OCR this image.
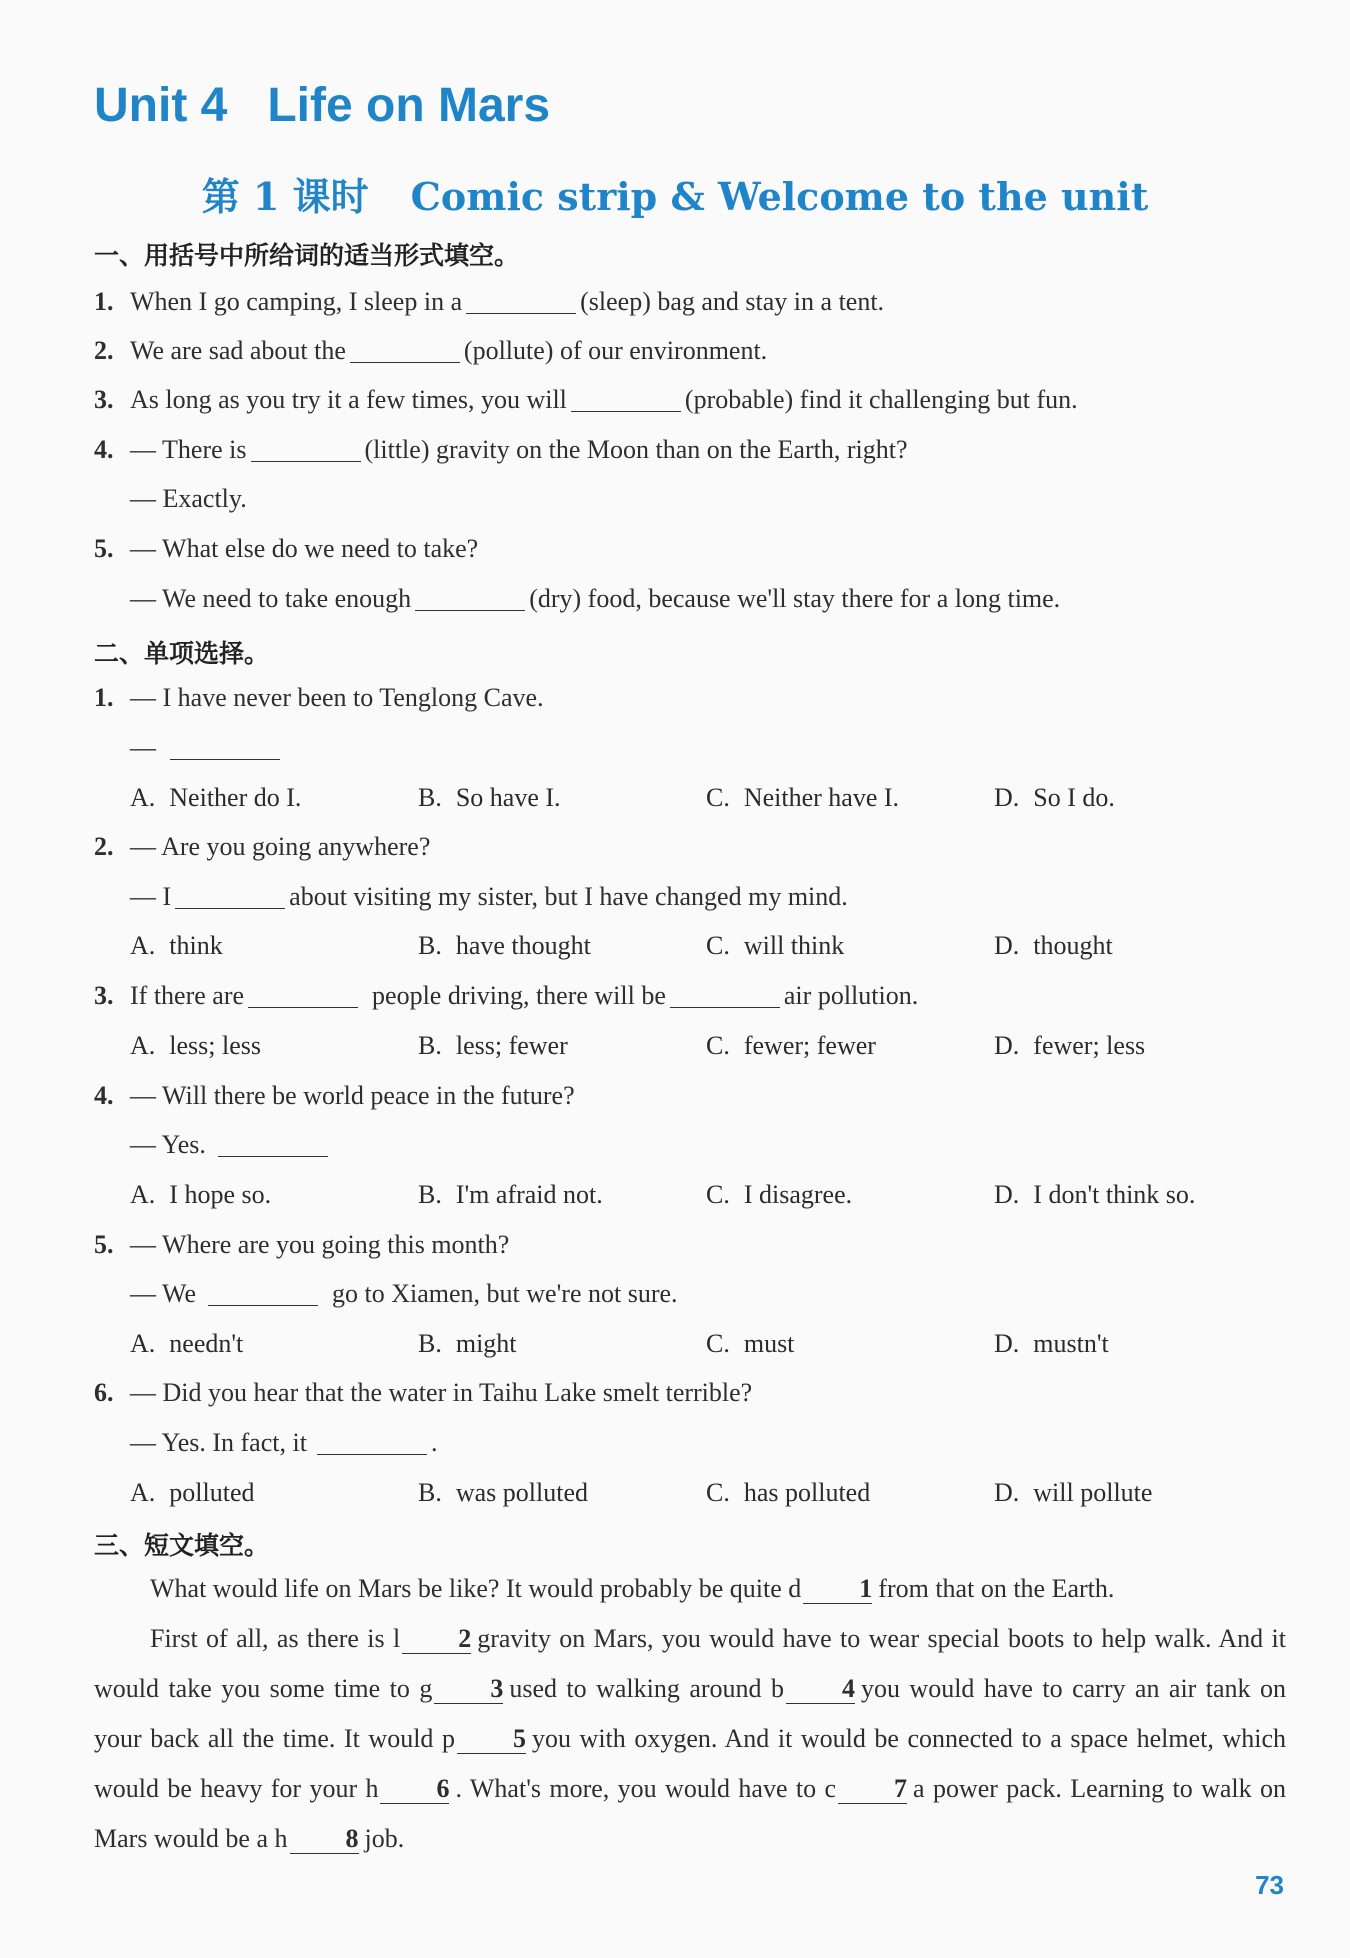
Unit 4 Life on Mars
第 1 课时 Comic strip & Welcome to the unit
一、用括号中所给词的适当形式填空。
1. When I go camping, I sleep in a	(sleep) bag and stay in a tent.
2. We are sad about the	(pollute) of our environment.
3. As long as you try it a few times, you will	(probable) find it challenging but fun.
4. — There is	(little) gravity on the Moon than on the Earth, right?
— Exactly.
5. — What else do we need to take?
— We need to take enough	(dry) food, because we'll stay there for a long time.
二、单项选择。
1. — I have never been to Tenglong Cave.
—
A. Neither do I.	B. So have I.	C. Neither have I.	D. So I do.
2. — Are you going anywhere?
— I	about visiting my sister, but I have changed my mind.
A. think	B. have thought	C. will think	D. thought
3. If there are	people driving, there will be	air pollution.
A. less; less	B. less; fewer	C. fewer; fewer	D. fewer; less
4. — Will there be world peace in the future?
— Yes.
A. I hope so.	B. I'm afraid not.	C. I disagree.	D. I don't think so.
5. — Where are you going this month?
— We	go to Xiamen, but we're not sure.
A. needn't	B. might	C. must	D. mustn't
6. — Did you hear that the water in Taihu Lake smelt terrible?
— Yes. In fact, it	.
A. polluted	B. was polluted	C. has polluted	D. will pollute
三、短文填空。

What would life on Mars be like? It would probably be quite d 1 from that on the Earth.

First of all, as there is l 2 gravity on Mars, you would have to wear special boots to help walk. And it would take you some time to g 3 used to walking around b 4 you would have to carry an air tank on your back all the time. It would p 5 you with oxygen. And it would be connected to a space helmet, which would be heavy for your h 6 . What's more, you would have to c 7 a power pack. Learning to walk on Mars would be a h 8 job.

73
